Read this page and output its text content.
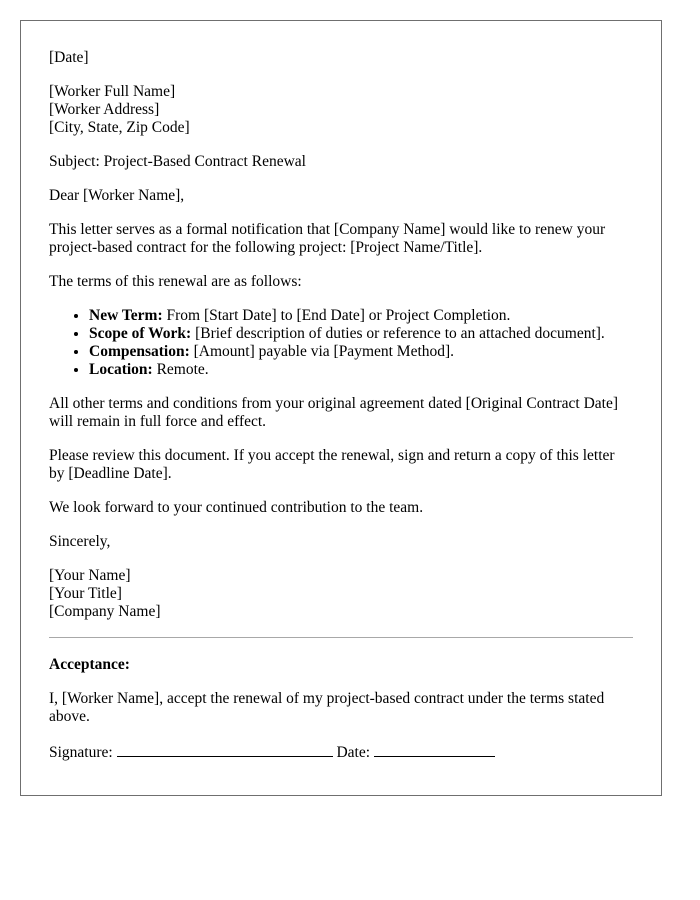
[Date]

[Worker Full Name]
[Worker Address]
[City, State, Zip Code]

Subject: Project-Based Contract Renewal

Dear [Worker Name],

This letter serves as a formal notification that [Company Name] would like to renew your project-based contract for the following project: [Project Name/Title].

The terms of this renewal are as follows:

• New Term: From [Start Date] to [End Date] or Project Completion.
• Scope of Work: [Brief description of duties or reference to an attached document].
• Compensation: [Amount] payable via [Payment Method].
• Location: Remote.

All other terms and conditions from your original agreement dated [Original Contract Date] will remain in full force and effect.

Please review this document. If you accept the renewal, sign and return a copy of this letter by [Deadline Date].

We look forward to your continued contribution to the team.

Sincerely,

[Your Name]
[Your Title]
[Company Name]

Acceptance:

I, [Worker Name], accept the renewal of my project-based contract under the terms stated above.

Signature:	Date:
